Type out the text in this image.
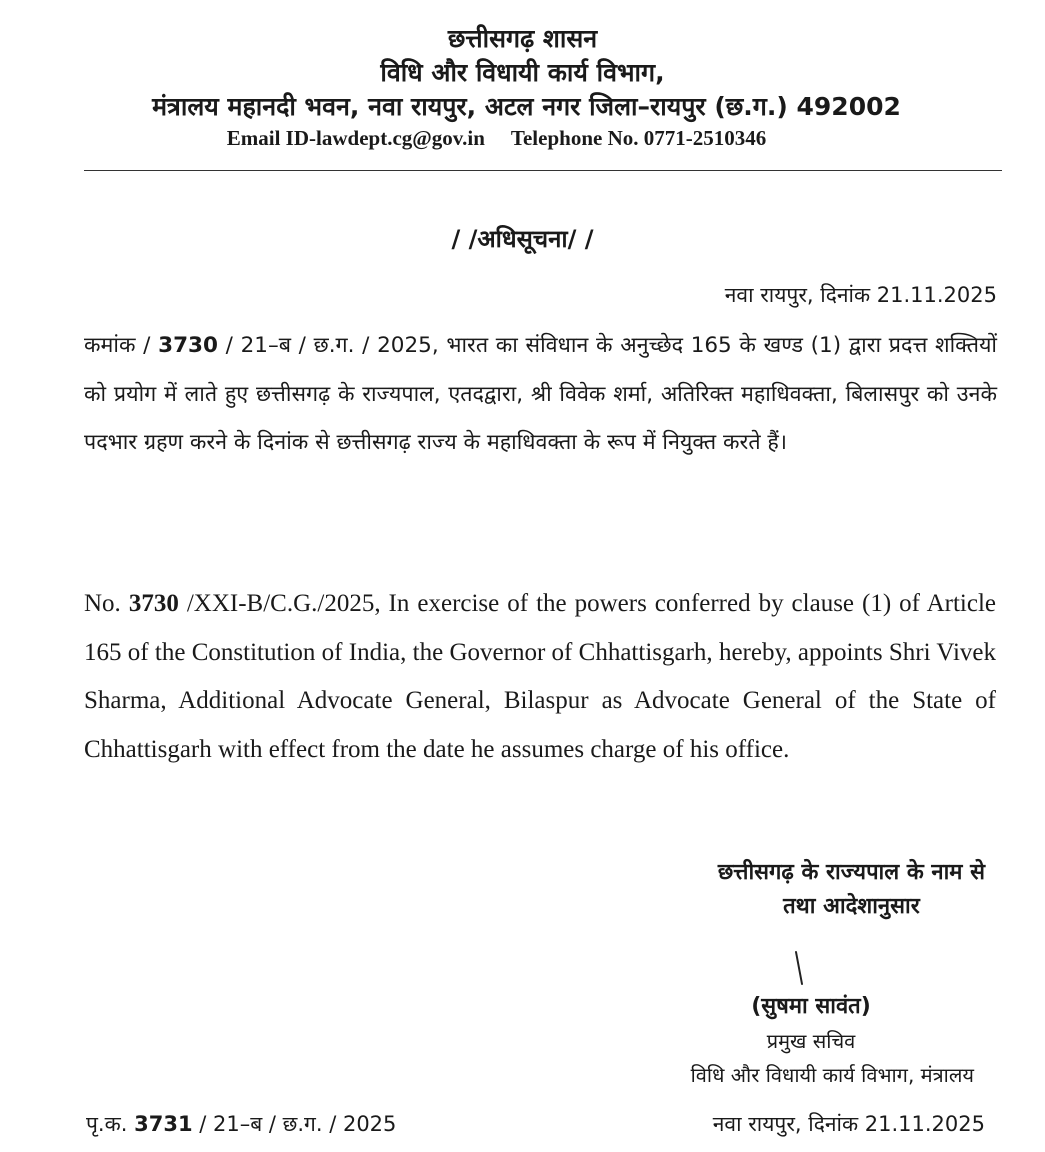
छत्तीसगढ़ शासन
विधि और विधायी कार्य विभाग,
मंत्रालय महानदी भवन, नवा रायपुर, अटल नगर जिला–रायपुर (छ.ग.) 492002
Email ID-lawdept.cg@gov.in Telephone No. 0771-2510346
/ /अधिसूचना/ /
नवा रायपुर, दिनांक 21.11.2025
कमांक / 3730 / 21–ब / छ.ग. / 2025, भारत का संविधान के अनुच्छेद 165 के खण्ड (1) द्वारा प्रदत्त शक्तियों को प्रयोग में लाते हुए छत्तीसगढ़ के राज्यपाल, एतदद्वारा, श्री विवेक शर्मा, अतिरिक्त महाधिवक्ता, बिलासपुर को उनके पदभार ग्रहण करने के दिनांक से छत्तीसगढ़ राज्य के महाधिवक्ता के रूप में नियुक्त करते हैं।
No. 3730 /XXI-B/C.G./2025, In exercise of the powers conferred by clause (1) of Article 165 of the Constitution of India, the Governor of Chhattisgarh, hereby, appoints Shri Vivek Sharma, Additional Advocate General, Bilaspur as Advocate General of the State of Chhattisgarh with effect from the date he assumes charge of his office.
छत्तीसगढ़ के राज्यपाल के नाम से
तथा आदेशानुसार
(सुषमा सावंत)
प्रमुख सचिव
विधि और विधायी कार्य विभाग, मंत्रालय
पृ.क. 3731 / 21–ब / छ.ग. / 2025	नवा रायपुर, दिनांक 21.11.2025
